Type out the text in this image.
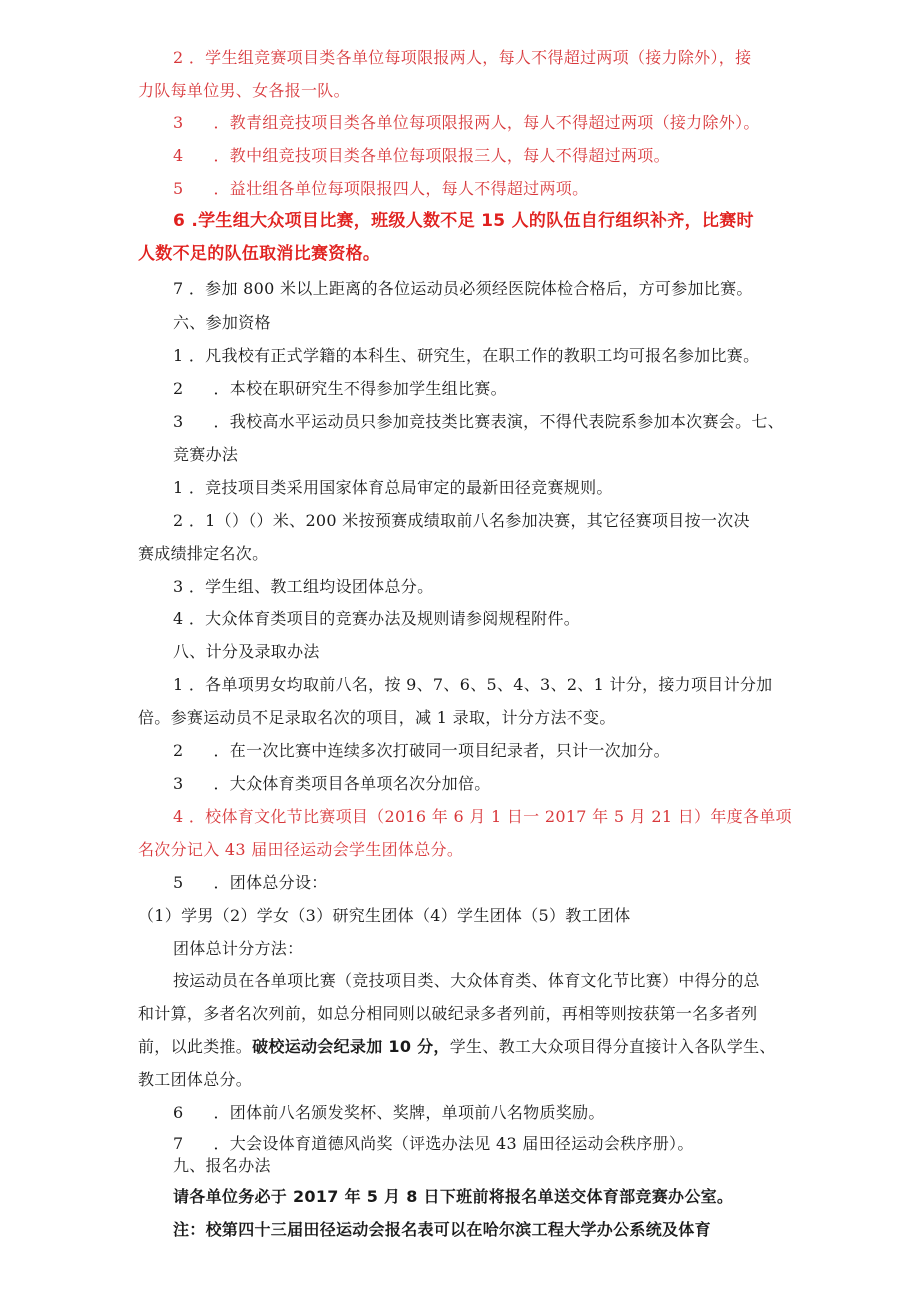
2 ．学生组竞赛项目类各单位每项限报两人，每人不得超过两项（接力除外），接
力队每单位男、女各报一队。
3 ．教青组竞技项目类各单位每项限报两人，每人不得超过两项（接力除外）。
4 ．教中组竞技项目类各单位每项限报三人，每人不得超过两项。
5 ．益壮组各单位每项限报四人，每人不得超过两项。
6 .学生组大众项目比赛，班级人数不足 15 人的队伍自行组织补齐，比赛时
人数不足的队伍取消比赛资格。
7 ．参加 800 米以上距离的各位运动员必须经医院体检合格后，方可参加比赛。
六、参加资格
1 ．凡我校有正式学籍的本科生、研究生，在职工作的教职工均可报名参加比赛。
2 ．本校在职研究生不得参加学生组比赛。
3 ．我校高水平运动员只参加竞技类比赛表演，不得代表院系参加本次赛会。七、
竞赛办法
1 ．竞技项目类采用国家体育总局审定的最新田径竞赛规则。
2 ．1（）（）米、200 米按预赛成绩取前八名参加决赛，其它径赛项目按一次决
赛成绩排定名次。
3 ．学生组、教工组均设团体总分。
4 ．大众体育类项目的竞赛办法及规则请参阅规程附件。
八、计分及录取办法
1 ．各单项男女均取前八名，按 9、7、6、5、4、3、2、1 计分，接力项目计分加
倍。参赛运动员不足录取名次的项目，减 1 录取，计分方法不变。
2 ．在一次比赛中连续多次打破同一项目纪录者，只计一次加分。
3 ．大众体育类项目各单项名次分加倍。
4 ．校体育文化节比赛项目（2016 年 6 月 1 日一 2017 年 5 月 21 日）年度各单项
名次分记入 43 届田径运动会学生团体总分。
5 ．团体总分设：
（1）学男（2）学女（3）研究生团体（4）学生团体（5）教工团体
团体总计分方法：
按运动员在各单项比赛（竞技项目类、大众体育类、体育文化节比赛）中得分的总
和计算，多者名次列前，如总分相同则以破纪录多者列前，再相等则按获第一名多者列
前，以此类推。破校运动会纪录加 10 分，学生、教工大众项目得分直接计入各队学生、
教工团体总分。
6 ．团体前八名颁发奖杯、奖牌，单项前八名物质奖励。
7 ．大会设体育道德风尚奖（评选办法见 43 届田径运动会秩序册）。
九、报名办法
请各单位务必于 2017 年 5 月 8 日下班前将报名单送交体育部竞赛办公室。
注：校第四十三届田径运动会报名表可以在哈尔滨工程大学办公系统及体育
